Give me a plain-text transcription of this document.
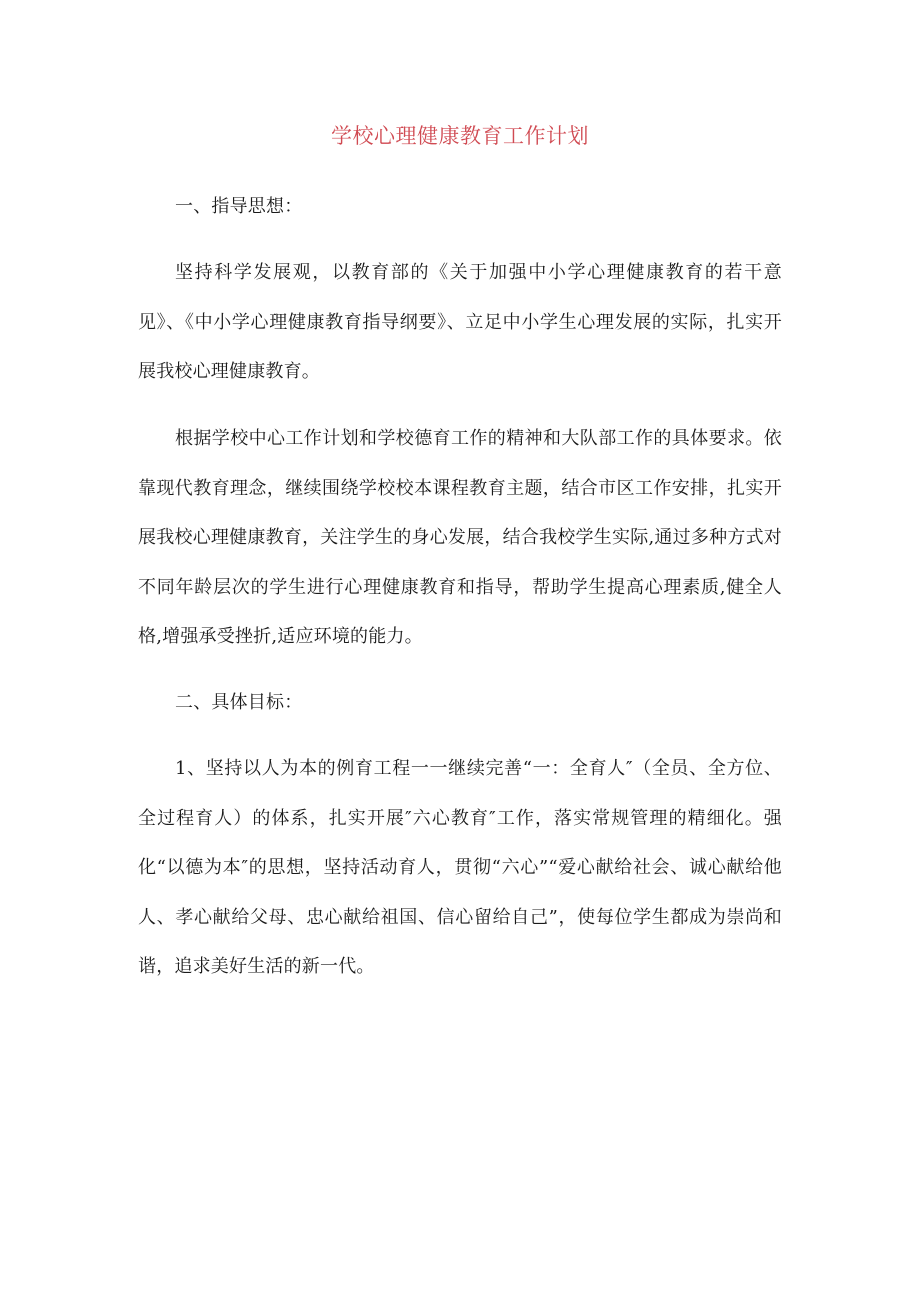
学校心理健康教育工作计划
一、指导思想：
坚持科学发展观，以教育部的《关于加强中小学心理健康教育的若干意见》、《中小学心理健康教育指导纲要》、立足中小学生心理发展的实际，扎实开展我校心理健康教育。
根据学校中心工作计划和学校德育工作的精神和大队部工作的具体要求。依靠现代教育理念，继续围绕学校校本课程教育主题，结合市区工作安排，扎实开展我校心理健康教育，关注学生的身心发展，结合我校学生实际,通过多种方式对不同年龄层次的学生进行心理健康教育和指导，帮助学生提高心理素质,健全人格,增强承受挫折,适应环境的能力。
二、具体目标：
1、坚持以人为本的例育工程一一继续完善“一：全育人″（全员、全方位、全过程育人）的体系，扎实开展″六心教育″工作，落实常规管理的精细化。强化“以德为本″的思想，坚持活动育人，贯彻“六心”“爱心献给社会、诚心献给他人、孝心献给父母、忠心献给祖国、信心留给自己”，使每位学生都成为崇尚和谐，追求美好生活的新一代。
